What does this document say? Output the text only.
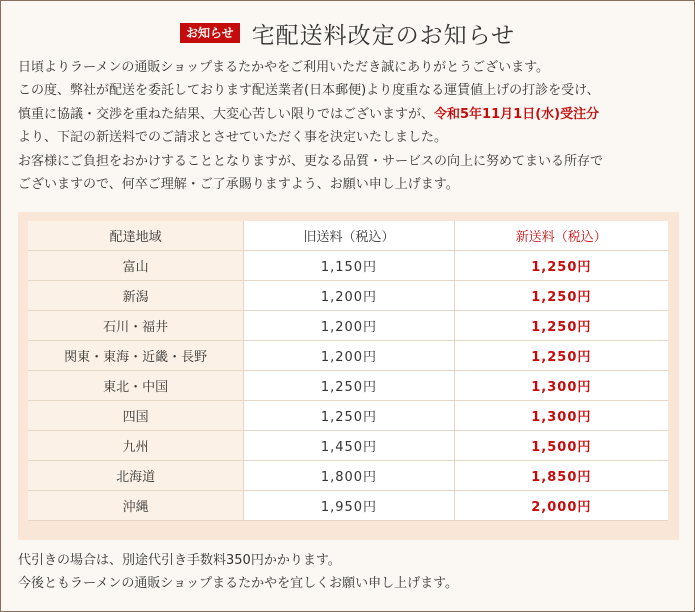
お知らせ 宅配送料改定のお知らせ
日頃よりラーメンの通販ショップまるたかやをご利用いただき誠にありがとうございます。
この度、弊社が配送を委託しております配送業者(日本郵便)より度重なる運賃値上げの打診を受け、
慎重に協議・交渉を重ねた結果、大変心苦しい限りではございますが、令和5年11月1日(水)受注分
より、下記の新送料でのご請求とさせていただく事を決定いたしました。
お客様にご負担をおかけすることとなりますが、更なる品質・サービスの向上に努めてまいる所存で
ございますので、何卒ご理解・ご了承賜りますよう、お願い申し上げます。
配達地域	旧送料（税込）	新送料（税込）
富山	1,150円	1,250円
新潟	1,200円	1,250円
石川・福井	1,200円	1,250円
関東・東海・近畿・長野	1,200円	1,250円
東北・中国	1,250円	1,300円
四国	1,250円	1,300円
九州	1,450円	1,500円
北海道	1,800円	1,850円
沖縄	1,950円	2,000円
代引きの場合は、別途代引き手数料350円かかります。
今後ともラーメンの通販ショップまるたかやを宜しくお願い申し上げます。
